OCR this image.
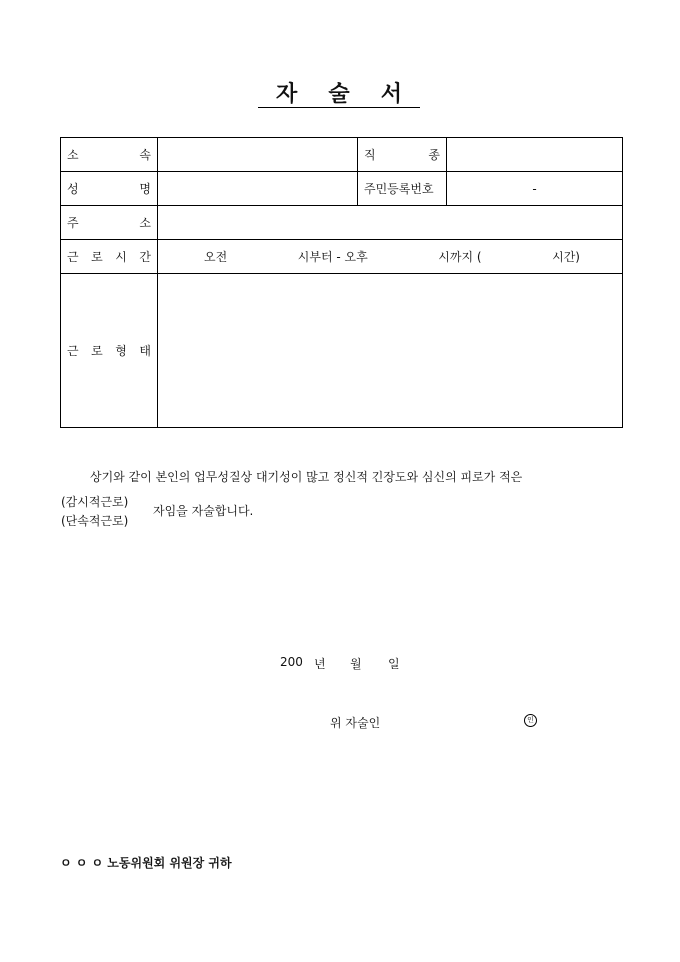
자 술 서
소 속		직 종	

성 명		주민등록번호	-

주 소			

근 로 시 간	오전 시부터 - 오후 시까지 ( 시간)		

근 로 형 태			

상기와 같이 본인의 업무성질상 대기성이 많고 정신적 긴장도와 심신의 피로가 적은
(감시적근로)
(단속적근로)
자임을 자술합니다.
200 년 월 일
위 자술인	인
ㅇ ㅇ ㅇ 노동위원회 위원장 귀하
